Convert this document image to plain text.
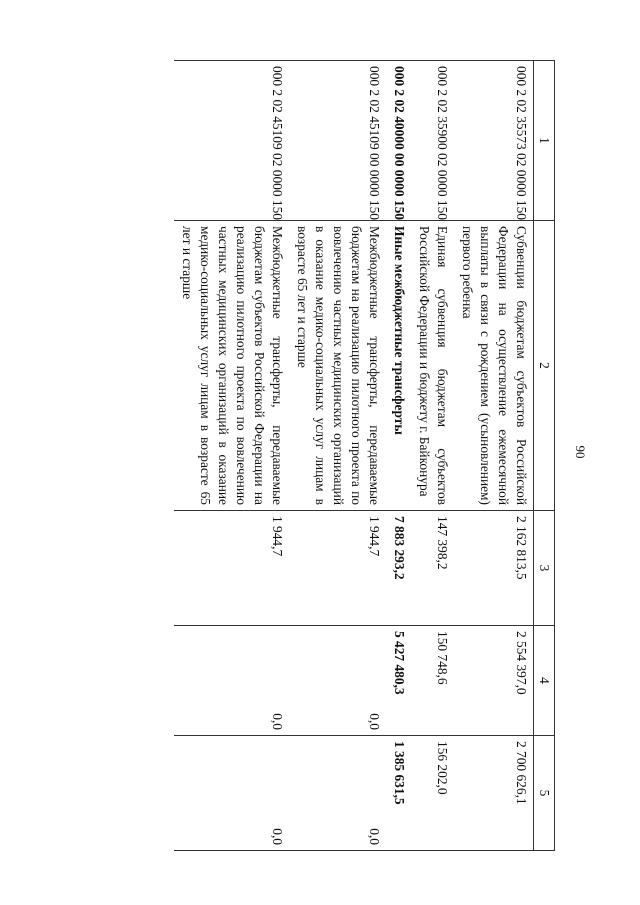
90
1	2	3	4	5
000 2 02 35573 02 0000 150	Субвенции бюджетам субъектов Российской Федерации на осуществление ежемесячной выплаты в связи с рождением (усыновлением) первого ребенка	2 162 813,5	2 554 397,0	2 700 626,1
000 2 02 35900 02 0000 150	Единая субвенция бюджетам субъектов Российской Федерации и бюджету г. Байконура	147 398,2	150 748,6	156 202,0
000 2 02 40000 00 0000 150	Иные межбюджетные трансферты	7 883 293,2	5 427 480,3	1 385 631,5
000 2 02 45109 00 0000 150	Межбюджетные трансферты, передаваемые бюджетам на реализацию пилотного проекта по вовлечению частных медицинских организаций в оказание медико-социальных услуг лицам в возрасте 65 лет и старше	1 944,7	0,0	0,0
000 2 02 45109 02 0000 150	Межбюджетные трансферты, передаваемые бюджетам субъектов Российской Федерации на реализацию пилотного проекта по вовлечению частных медицинских организаций в оказание медико-социальных услуг лицам в возрасте 65 лет и старше	1 944,7	0,0	0,0
